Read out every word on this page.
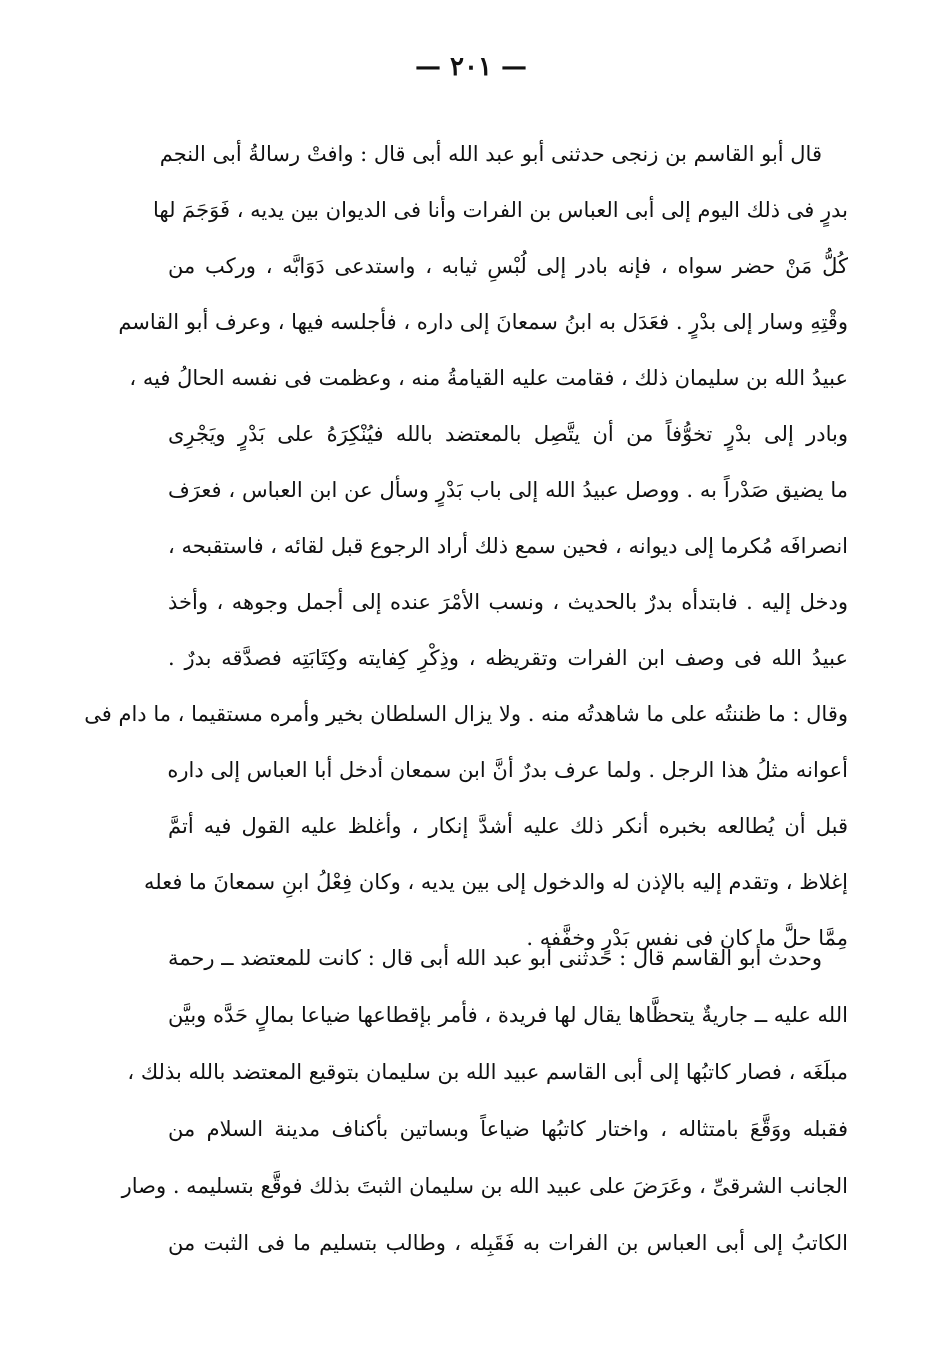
— ٢٠١ —
قال أبو القاسم بن زنجى حدثنى أبو عبد الله أبى قال : وافتْ رسالةُ أبى النجم
بدرٍ فى ذلك اليوم إلى أبى العباس بن الفرات وأنا فى الديوان بين يديه ، فَوَجَمَ لها
كُلُّ مَنْ حضر سواه ، فإنه بادر إلى لُبْسِ ثيابه ، واستدعى دَوَابَّه ، وركب من
وقْتِهِ وسار إلى بدْرٍ . فعَدَل به ابنُ سمعانَ إلى داره ، فأجلسه فيها ، وعرف أبو القاسم
عبيدُ الله بن سليمان ذلك ، فقامت عليه القيامةُ منه ، وعظمت فى نفسه الحالُ فيه ،
وبادر إلى بدْرٍ تخوُّفاً من أن يتَّصِل بالمعتضد بالله فيُنْكِرَهُ على بَدْرٍ ويَجْرِى
ما يضيق صَدْراً به . ووصل عبيدُ الله إلى باب بَدْرٍ وسأل عن ابن العباس ، فعرَف
انصرافَه مُكرما إلى ديوانه ، فحين سمع ذلك أراد الرجوع قبل لقائه ، فاستقبحه ،
ودخل إليه . فابتدأه بدرٌ بالحديث ، ونسب الأمْرَ عنده إلى أجمل وجوهه ، وأخذ
عبيدُ الله فى وصف ابن الفرات وتقريظه ، وذِكْرِ كِفايته وكِتَابَتِه فصدَّقه بدرٌ .
وقال : ما ظننتُه على ما شاهدتُه منه . ولا يزال السلطان بخير وأمره مستقيما ، ما دام فى
أعوانه مثلُ هذا الرجل . ولما عرف بدرٌ أنَّ ابن سمعان أدخل أبا العباس إلى داره
قبل أن يُطالعه بخبره أنكر ذلك عليه أشدَّ إنكار ، وأغلظ عليه القول فيه أتمَّ
إغلاظ ، وتقدم إليه بالإذن له والدخول إلى بين يديه ، وكان فِعْلُ ابنِ سمعانَ ما فعله
مِمَّا حلَّ ما كان فى نفس بَدْرٍ وخفَّفه .
وحدث أبو القاسم قال : حدثنى أبو عبد الله أبى قال : كانت للمعتضد ــ رحمة
الله عليه ــ جاريةٌ يتحظَّاها يقال لها فريدة ، فأمر بإقطاعها ضياعا بمالٍ حَدَّه وبيَّن
مبلَغَه ، فصار كاتبُها إلى أبى القاسم عبيد الله بن سليمان بتوقيع المعتضد بالله بذلك ،
فقبله ووَقَّعَ بامتثاله ، واختار كاتبُها ضياعاً وبساتين بأكناف مدينة السلام من
الجانب الشرقىِّ ، وعَرَضَ على عبيد الله بن سليمان الثبتَ بذلك فوقَّع بتسليمه . وصار
الكاتبُ إلى أبى العباس بن الفرات به فَقَبِله ، وطالب بتسليم ما فى الثبت من
